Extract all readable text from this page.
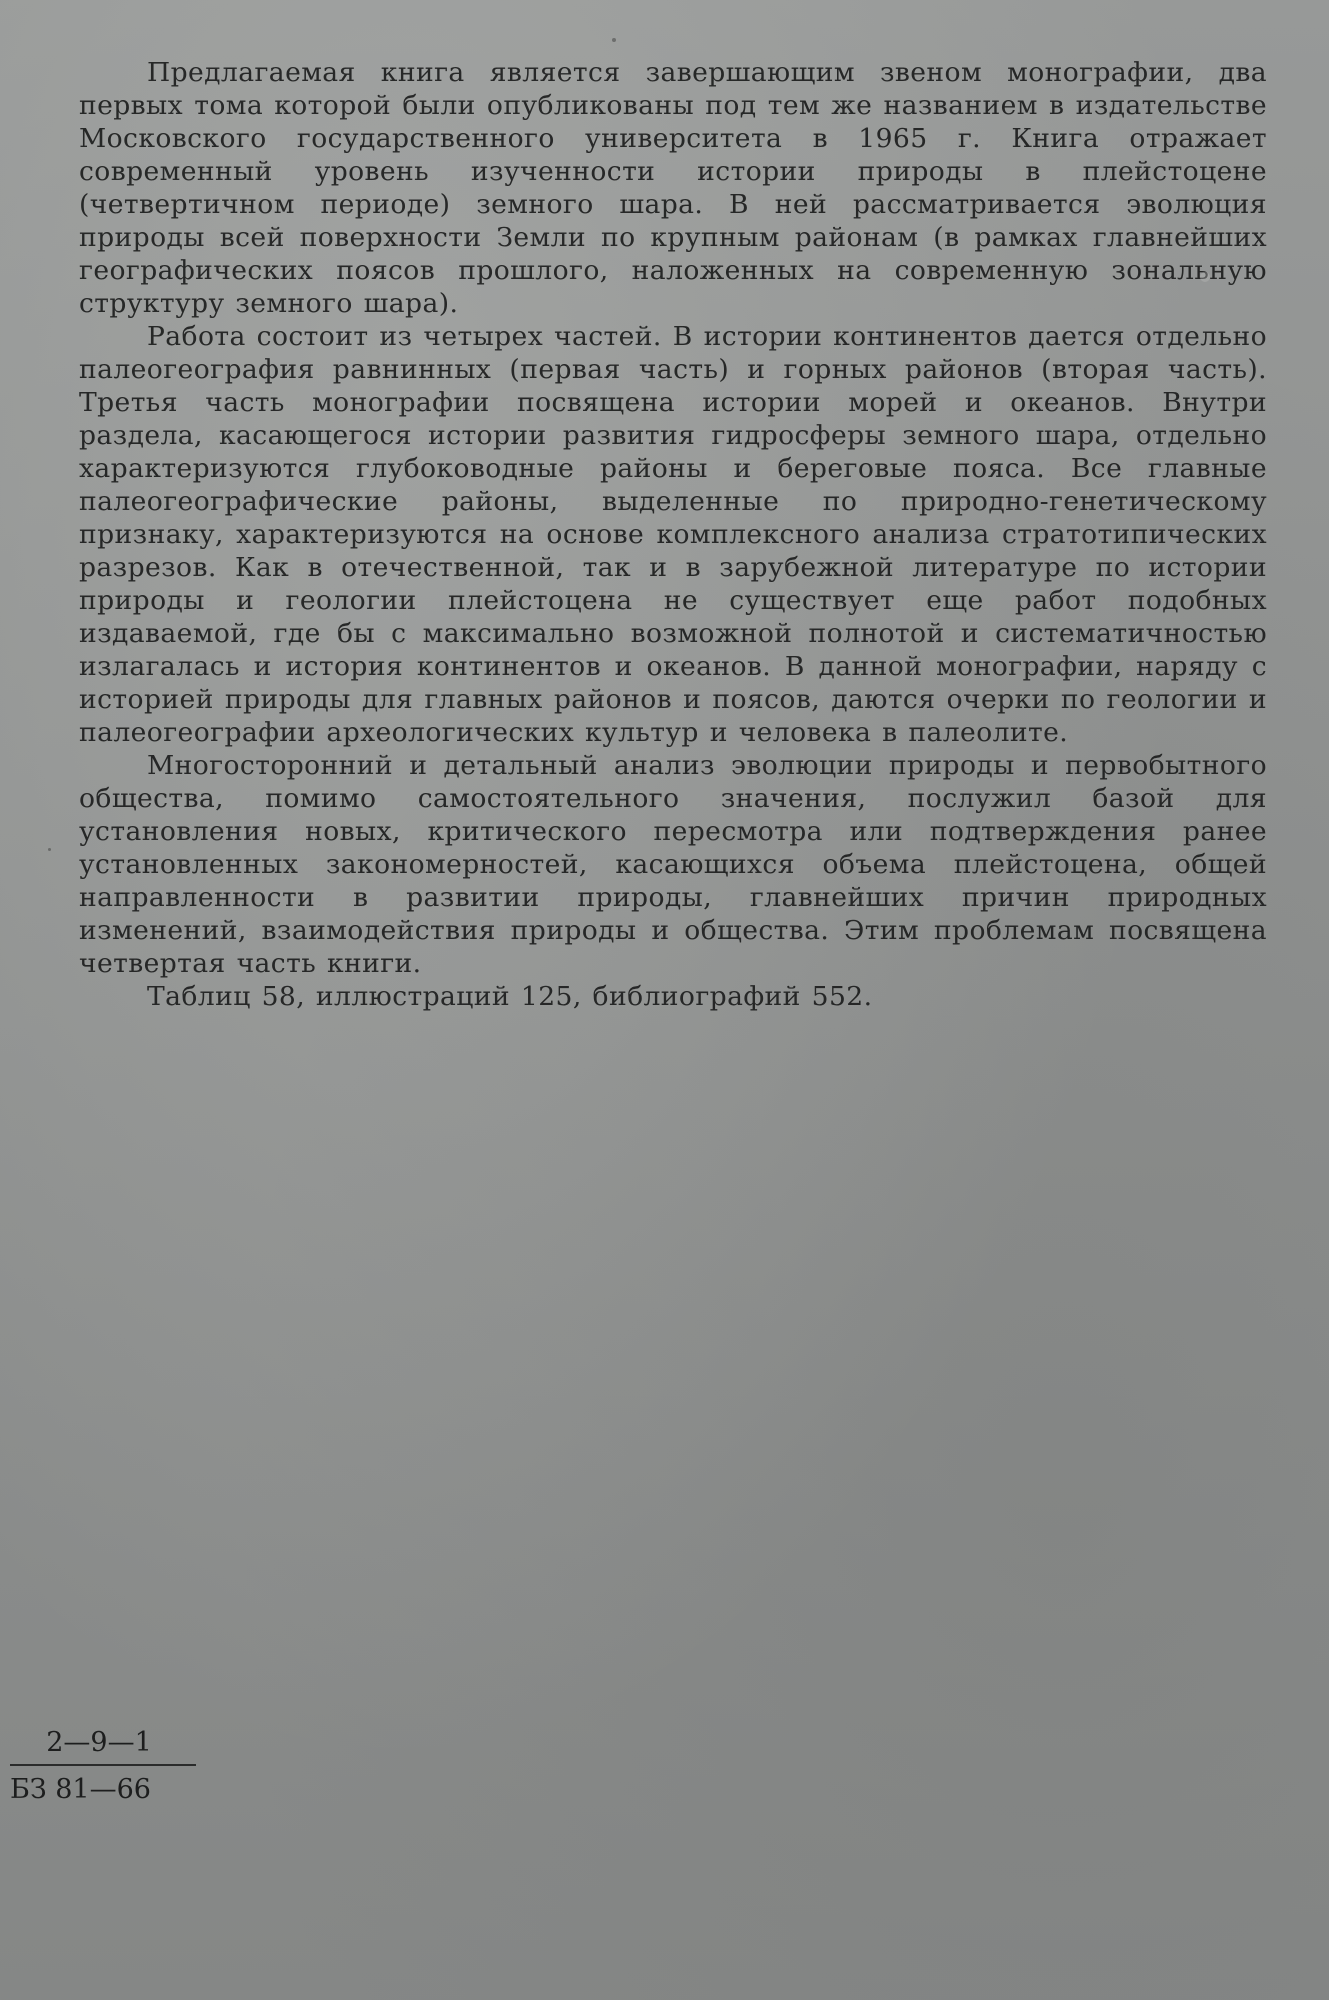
Предлагаемая книга является завершающим звеном монографии, два первых тома которой были опубликованы под тем же названием в издательстве Московского государственного университета в 1965 г. Книга отражает современный уровень изученности истории природы в плейстоцене (четвертичном периоде) земного шара. В ней рассматривается эволюция природы всей поверхности Земли по крупным районам (в рамках главнейших географических поясов прошлого, наложенных на современную зональную структуру земного шара).

Работа состоит из четырех частей. В истории континентов дается отдельно палеогеография равнинных (первая часть) и горных районов (вторая часть). Третья часть монографии посвящена истории морей и океанов. Внутри раздела, касающегося истории развития гидросферы земного шара, отдельно характеризуются глубоководные районы и береговые пояса. Все главные палеогеографические районы, выделенные по природно-генетическому признаку, характеризуются на основе комплексного анализа стратотипических разрезов. Как в отечественной, так и в зарубежной литературе по истории природы и геологии плейстоцена не существует еще работ подобных издаваемой, где бы с максимально возможной полнотой и систематичностью излагалась и история континентов и океанов. В данной монографии, наряду с историей природы для главных районов и поясов, даются очерки по геологии и палеогеографии археологических культур и человека в палеолите.

Многосторонний и детальный анализ эволюции природы и первобытного общества, помимо самостоятельного значения, послужил базой для установления новых, критического пересмотра или подтверждения ранее установленных закономерностей, касающихся объема плейстоцена, общей направленности в развитии природы, главнейших причин природных изменений, взаимодействия природы и общества. Этим проблемам посвящена четвертая часть книги.

Таблиц 58, иллюстраций 125, библиографий 552.

2—9—1
БЗ 81—66
